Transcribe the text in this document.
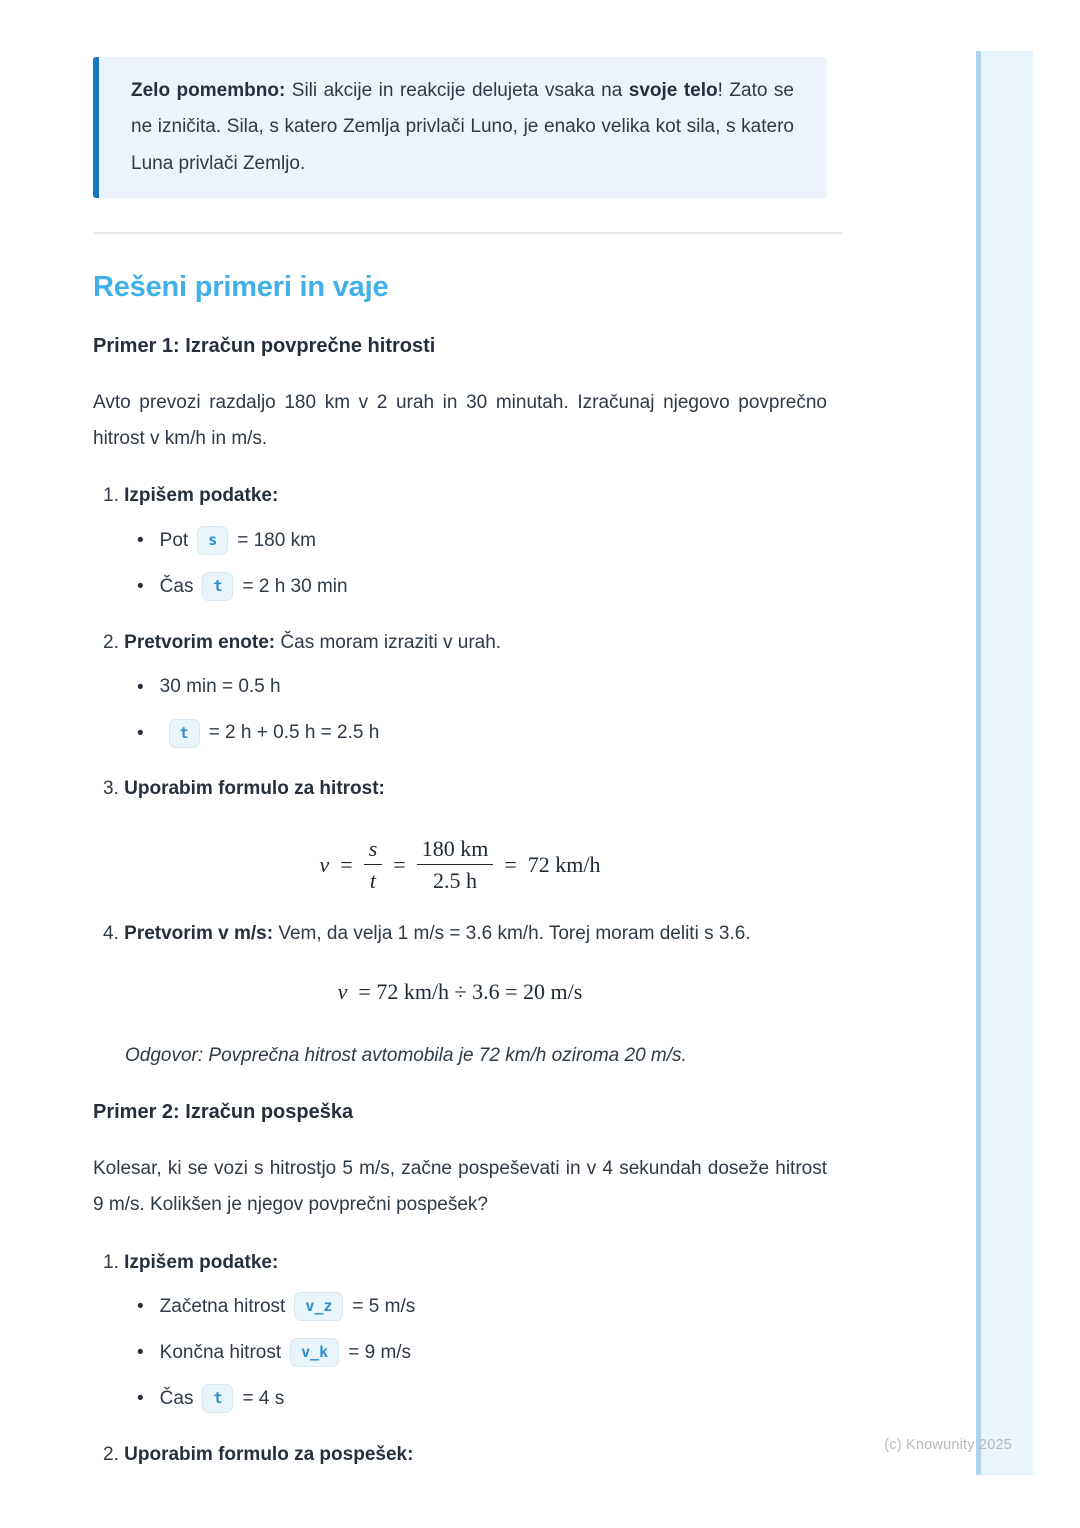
(c) Knowunity 2025
Zelo pomembno: Sili akcije in reakcije delujeta vsaka na svoje telo! Zato se ne izničita. Sila, s katero Zemlja privlači Luno, je enako velika kot sila, s katero Luna privlači Zemljo.
Rešeni primeri in vaje
Primer 1: Izračun povprečne hitrosti

Avto prevozi razdaljo 180 km v 2 urah in 30 minutah. Izračunaj njegovo povprečno hitrost v km/h in m/s.

1. Izpišem podatke:
•
Pot	s	= 180 km
•
Čas	t	= 2 h 30 min
2. Pretvorim enote: Čas moram izraziti v urah.
•
30 min = 0.5 h
•
t	= 2 h + 0.5 h = 2.5 h
3. Uporabim formulo za hitrost:
$v = \frac{s}{t} = \frac{180 km}{2.5 h} = 72$ km/h
4. Pretvorim v m/s: Vem, da velja 1 m/s = 3.6 km/h. Torej moram deliti s 3.6.
v = 72 km/h ÷ 3.6 = 20 m/s

Odgovor: Povprečna hitrost avtomobila je 72 km/h oziroma 20 m/s.

Primer 2: Izračun pospeška

Kolesar, ki se vozi s hitrostjo 5 m/s, začne pospeševati in v 4 sekundah doseže hitrost 9 m/s. Kolikšen je njegov povprečni pospešek?

1. Izpišem podatke:
•
Začetna hitrost	v_z	= 5 m/s
•
Končna hitrost	v_k	= 9 m/s
•
Čas	t	= 4 s
2. Uporabim formulo za pospešek:
